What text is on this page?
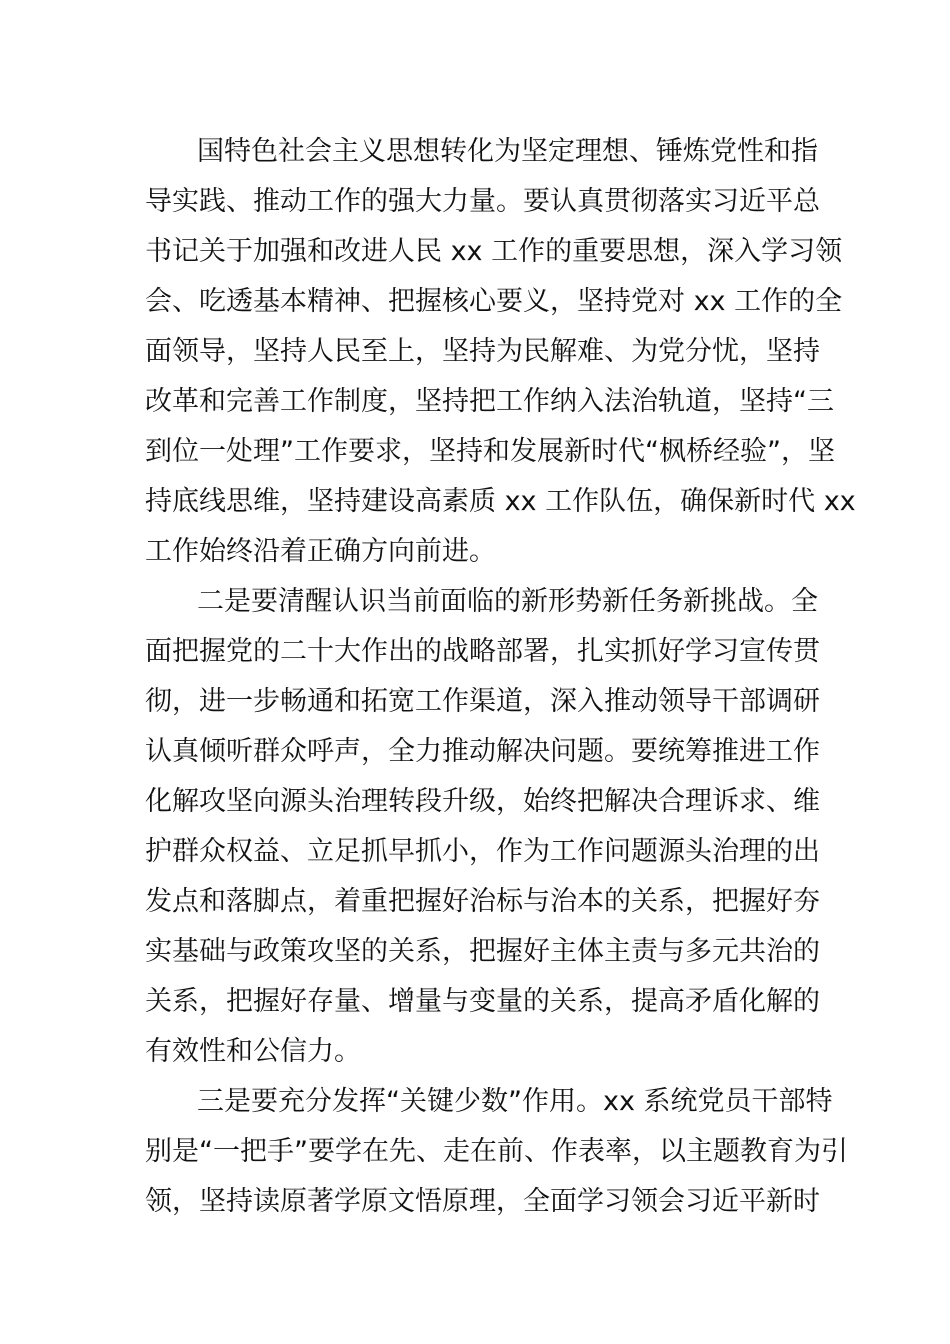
国特色社会主义思想转化为坚定理想、锤炼党性和指
导实践、推动工作的强大力量。要认真贯彻落实习近平总
书记关于加强和改进人民 xx 工作的重要思想，深入学习领
会、吃透基本精神、把握核心要义，坚持党对 xx 工作的全
面领导，坚持人民至上，坚持为民解难、为党分忧，坚持
改革和完善工作制度，坚持把工作纳入法治轨道，坚持“三
到位一处理”工作要求，坚持和发展新时代“枫桥经验”，坚
持底线思维，坚持建设高素质 xx 工作队伍，确保新时代 xx
工作始终沿着正确方向前进。
二是要清醒认识当前面临的新形势新任务新挑战。全
面把握党的二十大作出的战略部署，扎实抓好学习宣传贯
彻，进一步畅通和拓宽工作渠道，深入推动领导干部调研
认真倾听群众呼声，全力推动解决问题。要统筹推进工作
化解攻坚向源头治理转段升级，始终把解决合理诉求、维
护群众权益、立足抓早抓小，作为工作问题源头治理的出
发点和落脚点，着重把握好治标与治本的关系，把握好夯
实基础与政策攻坚的关系，把握好主体主责与多元共治的
关系，把握好存量、增量与变量的关系，提高矛盾化解的
有效性和公信力。
三是要充分发挥“关键少数”作用。xx 系统党员干部特
别是“一把手”要学在先、走在前、作表率，以主题教育为引
领，坚持读原著学原文悟原理，全面学习领会习近平新时
